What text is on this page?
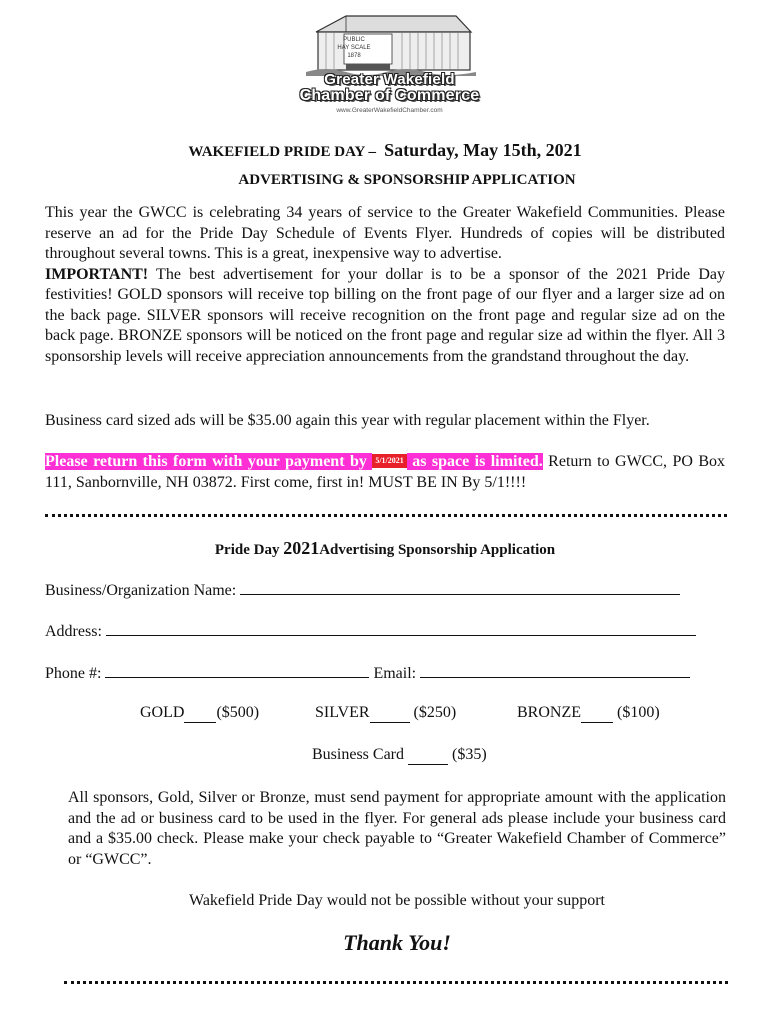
PUBLIC
HAY SCALE
1878
Greater Wakefield
Chamber of Commerce
www.GreaterWakefieldChamber.com
WAKEFIELD PRIDE DAY – Saturday, May 15th, 2021
ADVERTISING & SPONSORSHIP APPLICATION
This year the GWCC is celebrating 34 years of service to the Greater Wakefield Communities. Please reserve an ad for the Pride Day Schedule of Events Flyer. Hundreds of copies will be distributed throughout several towns. This is a great, inexpensive way to advertise.
IMPORTANT! The best advertisement for your dollar is to be a sponsor of the 2021 Pride Day festivities! GOLD sponsors will receive top billing on the front page of our flyer and a larger size ad on the back page. SILVER sponsors will receive recognition on the front page and regular size ad on the back page. BRONZE sponsors will be noticed on the front page and regular size ad within the flyer. All 3 sponsorship levels will receive appreciation announcements from the grandstand throughout the day.
Business card sized ads will be $35.00 again this year with regular placement within the Flyer.
Please return this form with your payment by 5/1/2021 as space is limited. Return to GWCC, PO Box 111, Sanbornville, NH 03872. First come, first in! MUST BE IN By 5/1!!!!
Pride Day 2021Advertising Sponsorship Application
Business/Organization Name:
Address:
Phone #:	Email:
GOLD ($500)	SILVER	($250)	BRONZE ($100)
Business Card	($35)
All sponsors, Gold, Silver or Bronze, must send payment for appropriate amount with the application and the ad or business card to be used in the flyer. For general ads please include your business card and a $35.00 check. Please make your check payable to “Greater Wakefield Chamber of Commerce” or “GWCC”.
Wakefield Pride Day would not be possible without your support
Thank You!
